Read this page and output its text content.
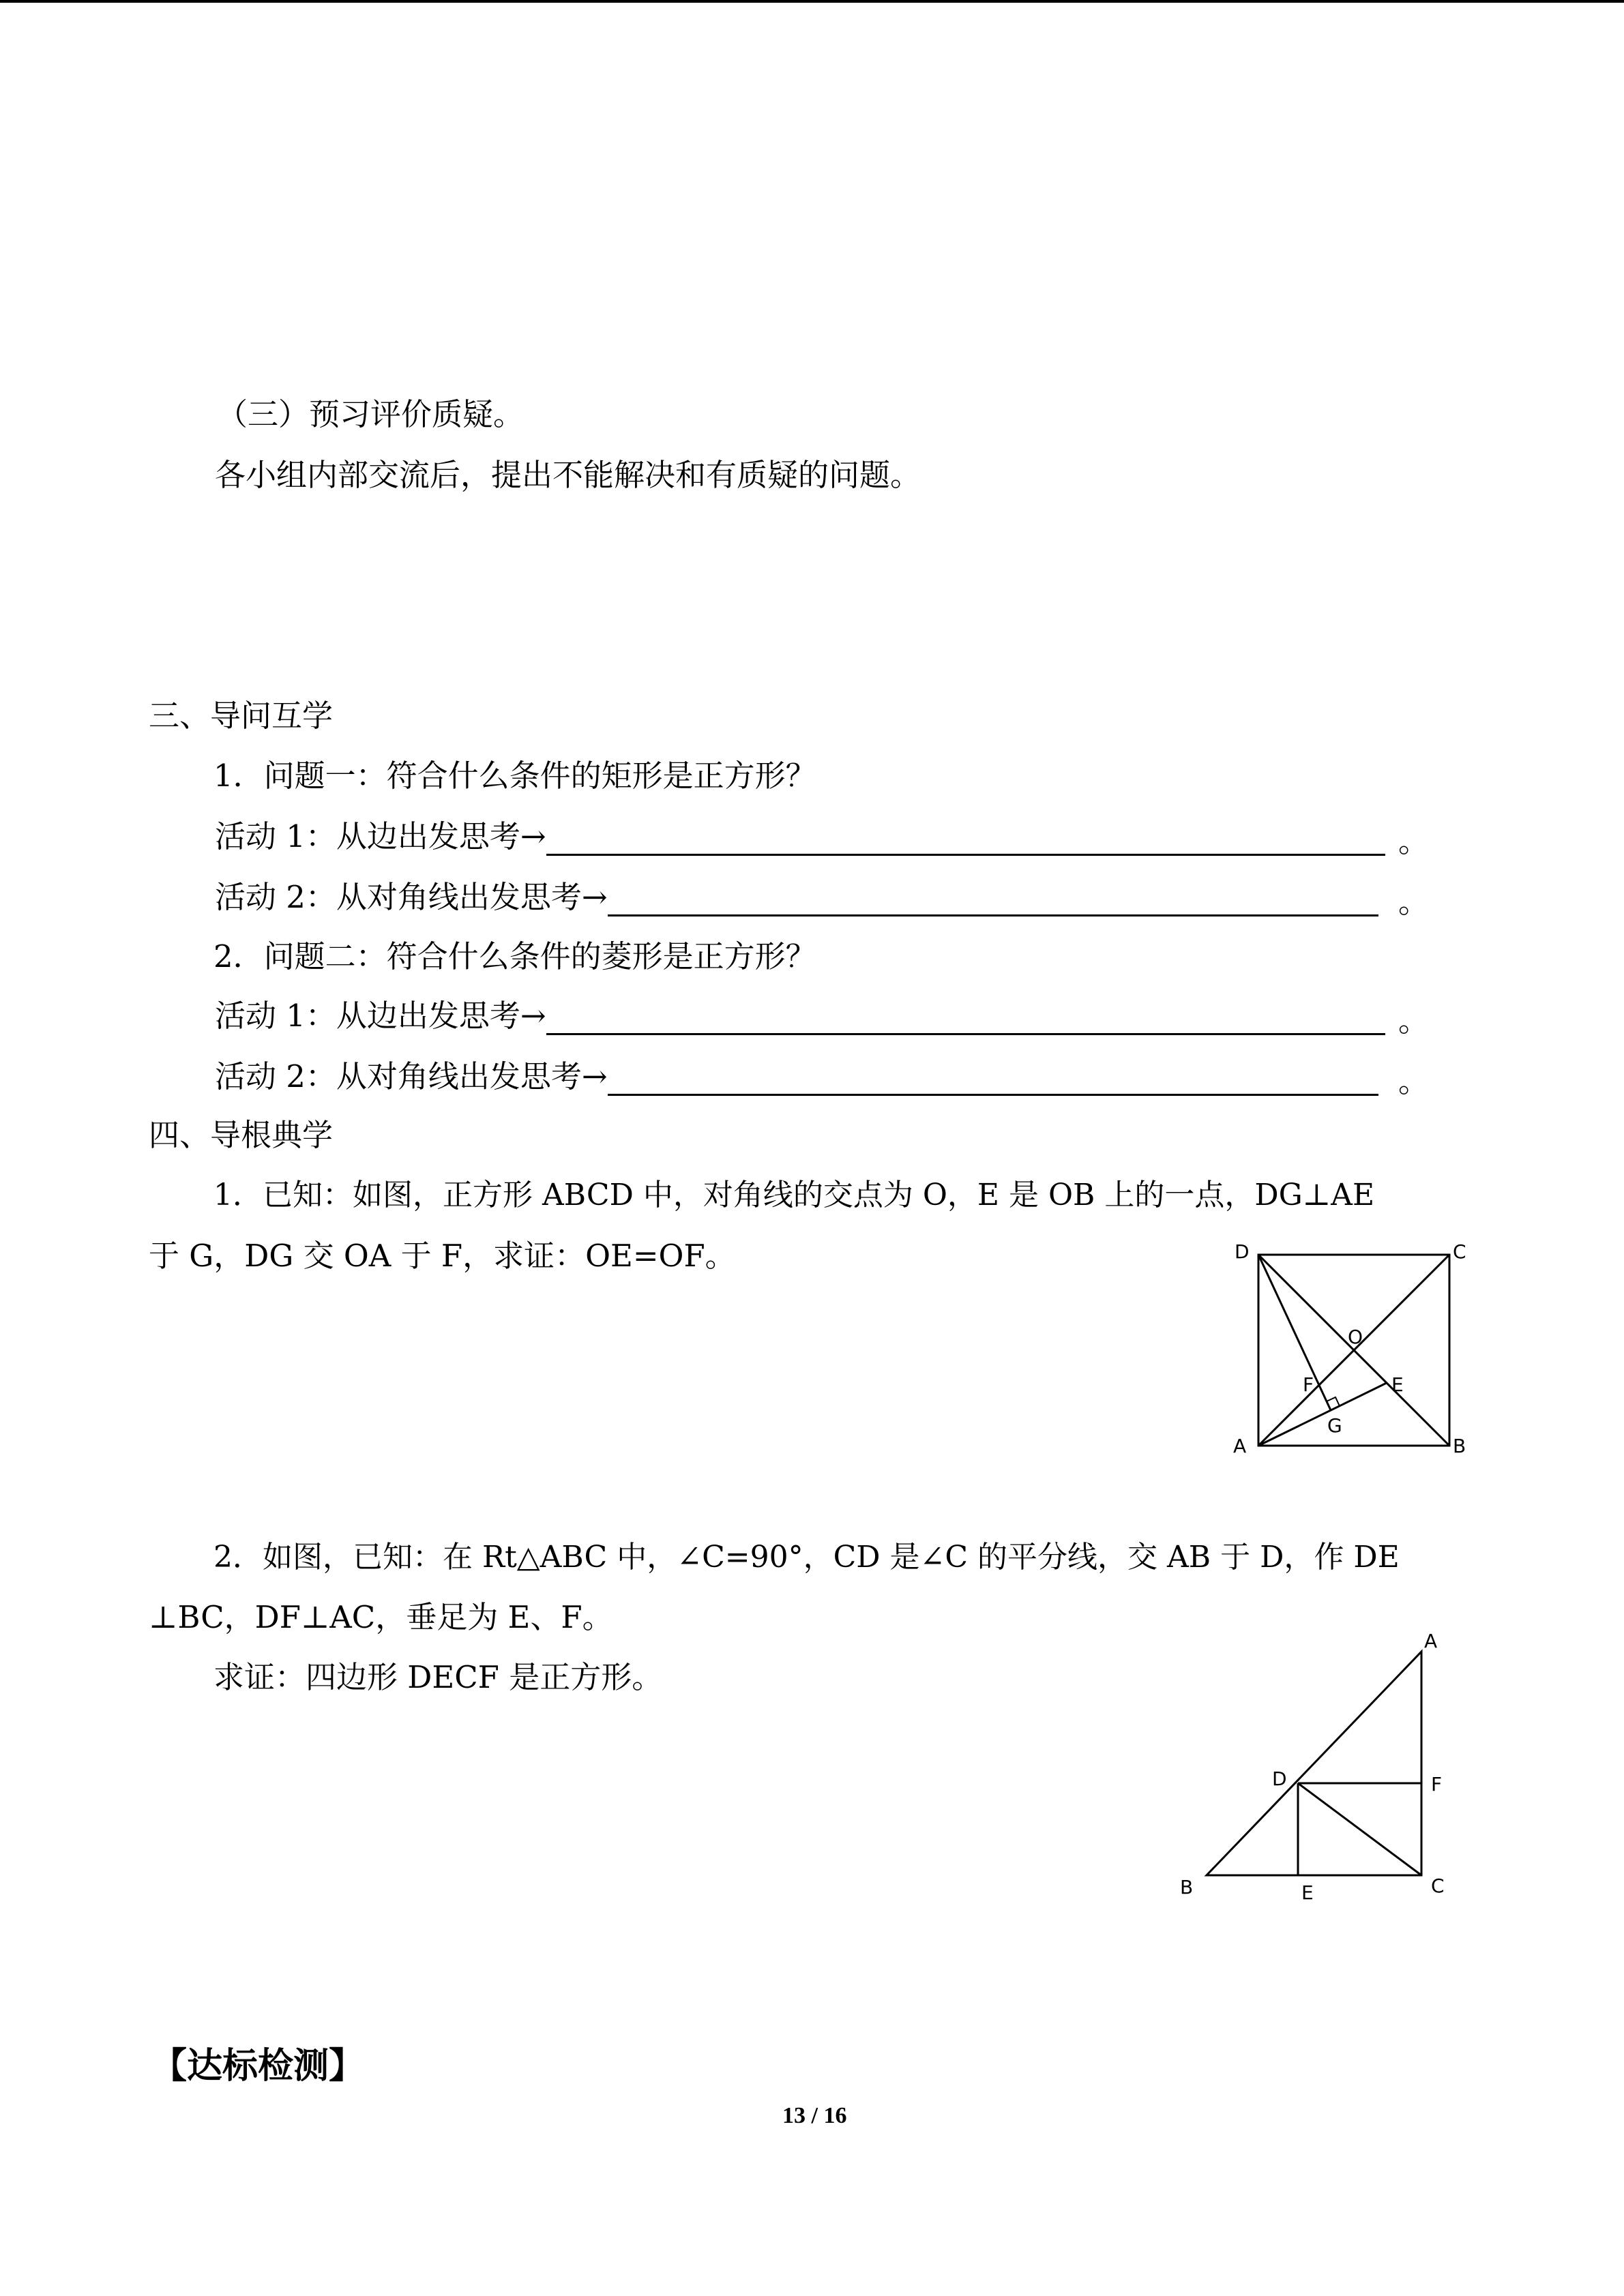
（三）预习评价质疑。
各小组内部交流后，提出不能解决和有质疑的问题。
三、导问互学
1．问题一：符合什么条件的矩形是正方形？
活动 1：从边出发思考→	。
活动 2：从对角线出发思考→	。
2．问题二：符合什么条件的菱形是正方形？
活动 1：从边出发思考→	。
活动 2：从对角线出发思考→	。
四、导根典学
1．已知：如图，正方形 ABCD 中，对角线的交点为 O，E 是 OB 上的一点，DG⊥AE
于 G，DG 交 OA 于 F，求证：OE=OF。	D	C
A	B
O
F	E
G
2．如图，已知：在 Rt△ABC 中，∠C=90°，CD 是∠C 的平分线，交 AB 于 D，作 DE
⊥BC，DF⊥AC，垂足为 E、F。
求证：四边形 DECF 是正方形。
A
D	F
B	E	C
【达标检测】
13 / 16
